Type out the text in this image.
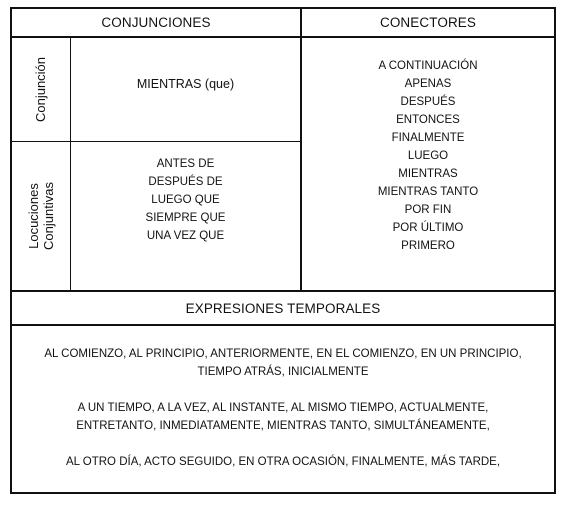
CONJUNCIONES	CONECTORES
Conjunción	MIENTRAS (que)
Locuciones Conjuntivas
ANTES DE
DESPUÉS DE
LUEGO QUE
SIEMPRE QUE
UNA VEZ QUE
A CONTINUACIÓN
APENAS
DESPUÉS
ENTONCES
FINALMENTE
LUEGO
MIENTRAS
MIENTRAS TANTO
POR FIN
POR ÚLTIMO
PRIMERO
EXPRESIONES TEMPORALES

AL COMIENZO, AL PRINCIPIO, ANTERIORMENTE, EN EL COMIENZO, EN UN PRINCIPIO,
TIEMPO ATRÁS, INICIALMENTE

A UN TIEMPO, A LA VEZ, AL INSTANTE, AL MISMO TIEMPO, ACTUALMENTE,
ENTRETANTO, INMEDIATAMENTE, MIENTRAS TANTO, SIMULTÁNEAMENTE,

AL OTRO DÍA, ACTO SEGUIDO, EN OTRA OCASIÓN, FINALMENTE, MÁS TARDE,
